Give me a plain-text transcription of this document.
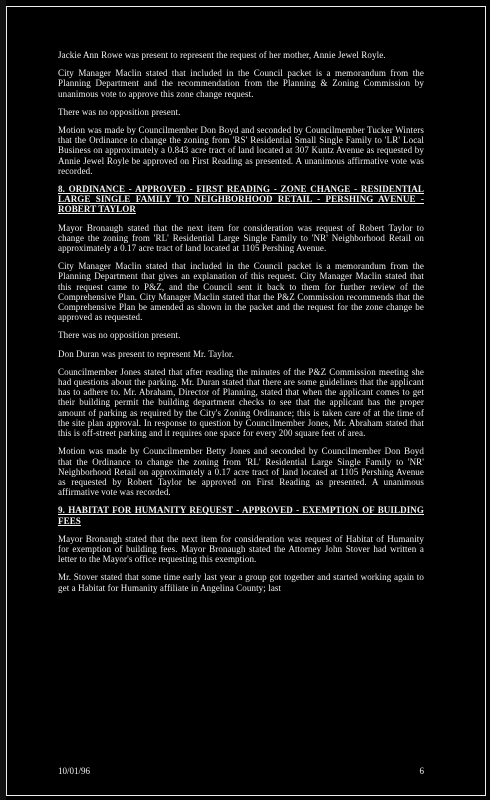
Jackie Ann Rowe was present to represent the request of her mother, Annie Jewel Royle.

City Manager Maclin stated that included in the Council packet is a memorandum from the Planning Department and the recommendation from the Planning & Zoning Commission by unanimous vote to approve this zone change request.

There was no opposition present.

Motion was made by Councilmember Don Boyd and seconded by Councilmember Tucker Winters that the Ordinance to change the zoning from 'RS' Residential Small Single Family to 'LR' Local Business on approximately a 0.843 acre tract of land located at 307 Kuntz Avenue as requested by Annie Jewel Royle be approved on First Reading as presented. A unanimous affirmative vote was recorded.

8. ORDINANCE - APPROVED - FIRST READING - ZONE CHANGE - RESIDENTIAL LARGE SINGLE FAMILY TO NEIGHBORHOOD RETAIL - PERSHING AVENUE - ROBERT TAYLOR

Mayor Bronaugh stated that the next item for consideration was request of Robert Taylor to change the zoning from 'RL' Residential Large Single Family to 'NR' Neighborhood Retail on approximately a 0.17 acre tract of land located at 1105 Pershing Avenue.

City Manager Maclin stated that included in the Council packet is a memorandum from the Planning Department that gives an explanation of this request. City Manager Maclin stated that this request came to P&Z, and the Council sent it back to them for further review of the Comprehensive Plan. City Manager Maclin stated that the P&Z Commission recommends that the Comprehensive Plan be amended as shown in the packet and the request for the zone change be approved as requested.

There was no opposition present.

Don Duran was present to represent Mr. Taylor.

Councilmember Jones stated that after reading the minutes of the P&Z Commission meeting she had questions about the parking. Mr. Duran stated that there are some guidelines that the applicant has to adhere to. Mr. Abraham, Director of Planning, stated that when the applicant comes to get their building permit the building department checks to see that the applicant has the proper amount of parking as required by the City's Zoning Ordinance; this is taken care of at the time of the site plan approval. In response to question by Councilmember Jones, Mr. Abraham stated that this is off-street parking and it requires one space for every 200 square feet of area.

Motion was made by Councilmember Betty Jones and seconded by Councilmember Don Boyd that the Ordinance to change the zoning from 'RL' Residential Large Single Family to 'NR' Neighborhood Retail on approximately a 0.17 acre tract of land located at 1105 Pershing Avenue as requested by Robert Taylor be approved on First Reading as presented. A unanimous affirmative vote was recorded.

9. HABITAT FOR HUMANITY REQUEST - APPROVED - EXEMPTION OF BUILDING FEES

Mayor Bronaugh stated that the next item for consideration was request of Habitat of Humanity for exemption of building fees. Mayor Bronaugh stated the Attorney John Stover had written a letter to the Mayor's office requesting this exemption.

Mr. Stover stated that some time early last year a group got together and started working again to get a Habitat for Humanity affiliate in Angelina County; last

10/01/96	6
